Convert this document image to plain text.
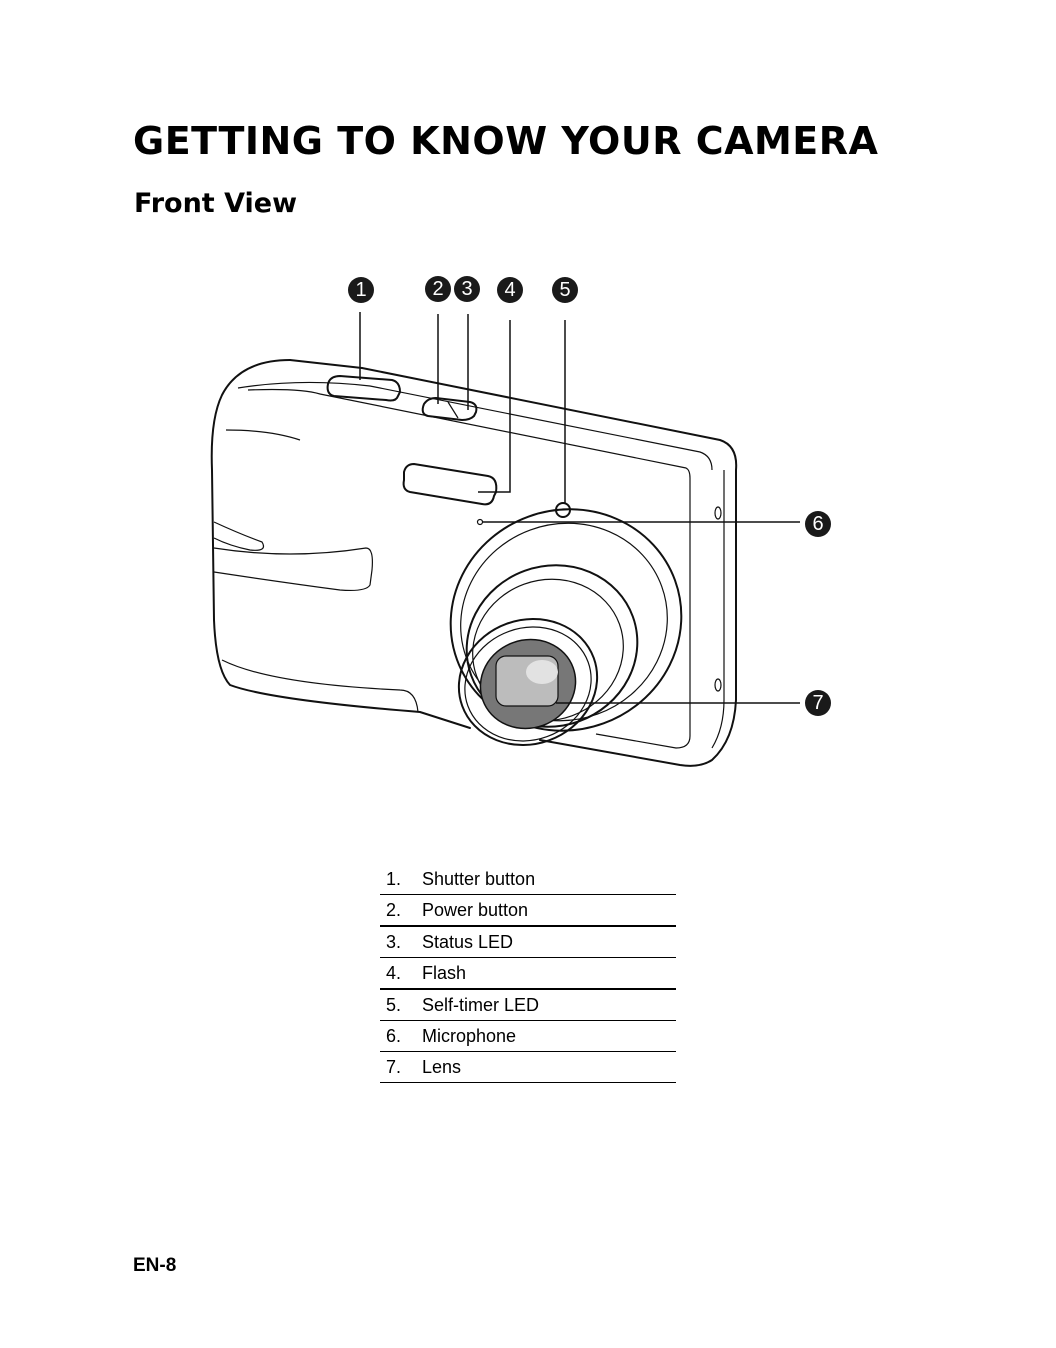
GETTING TO KNOW YOUR CAMERA
Front View
1	2 3 4 5
6
7
1.	Shutter button
2.	Power button
3.	Status LED
4.	Flash
5.	Self-timer LED
6.	Microphone
7.	Lens

EN-8
